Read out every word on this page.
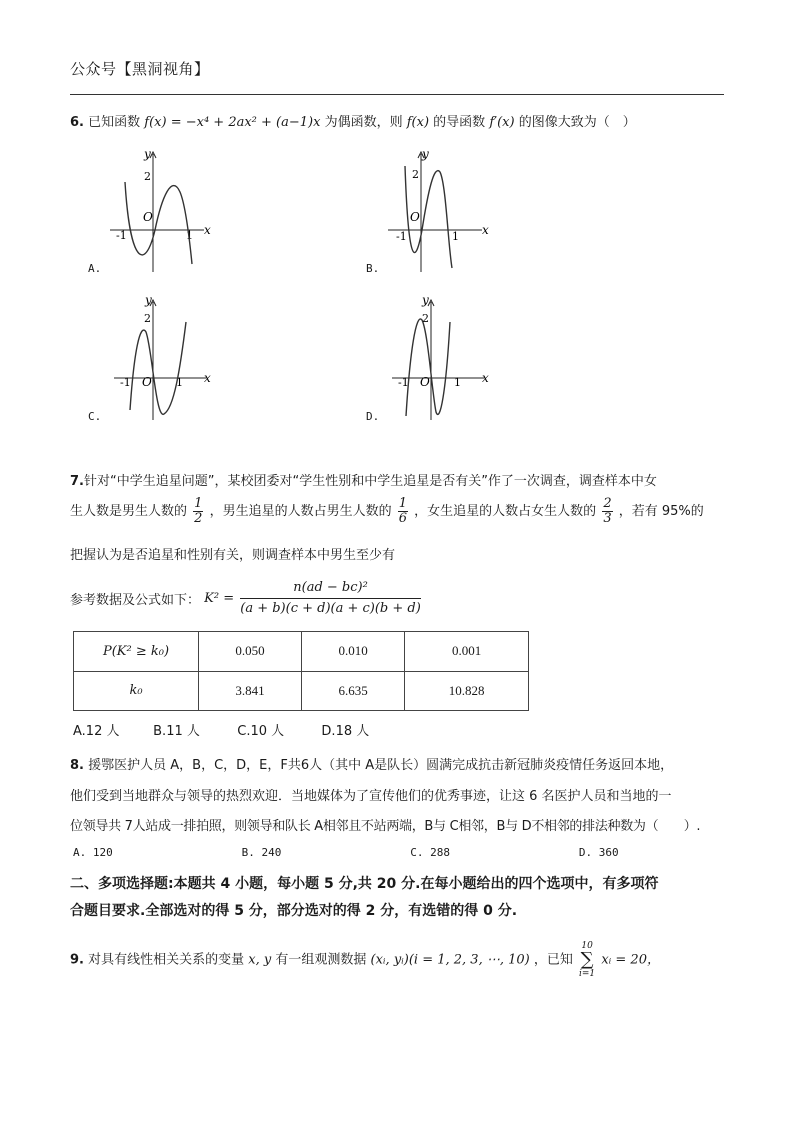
公众号【黑洞视角】
6. 已知函数 f(x) = −x⁴ + 2ax² + (a−1)x 为偶函数，则 f(x) 的导函数 f′(x) 的图像大致为（　）
y
x
2
O
-1	1
A.
y
x
2
O
-1	1
B.
y
x
2
O
-1	1
C.
y
x
2
O
-1	1
D.
7.针对“中学生追星问题”，某校团委对“学生性别和中学生追星是否有关”作了一次调查，调查样本中女
生人数是男生人数的 $\frac{1}{2}$ ，男生追星的人数占男生人数的 $\frac{1}{6}$ ，女生追星的人数占女生人数的 $\frac{2}{3}$ ，若有 95%的
把握认为是否追星和性别有关，则调查样本中男生至少有
参考数据及公式如下： $K^2 = \frac{\text{n(ad − bc)²}}{(a + b)(c + d)(a + c)(b + d)}$
P(K² ≥ k₀)	0.050	0.010	0.001
k₀	3.841	6.635	10.828
A.12 人	B.11 人	C.10 人	D.18 人
8. 援鄂医护人员 A，B，C，D，E，F共6人（其中 A是队长）圆满完成抗击新冠肺炎疫情任务返回本地，
他们受到当地群众与领导的热烈欢迎．当地媒体为了宣传他们的优秀事迹，让这 6 名医护人员和当地的一
位领导共 7人站成一排拍照，则领导和队长 A相邻且不站两端，B与 C相邻，B与 D不相邻的排法种数为（　　）.
A. 120	B. 240	C. 288	D. 360
二、多项选择题:本题共 4 小题，每小题 5 分,共 20 分.在每小题给出的四个选项中，有多项符
合题目要求.全部选对的得 5 分，部分选对的得 2 分，有选错的得 0 分.
9. 对具有线性相关关系的变量 x, y 有一组观测数据 (xᵢ, yᵢ)(i = 1, 2, 3, ⋯, 10) ，已知
10
∑
i=1
xᵢ = 20，
